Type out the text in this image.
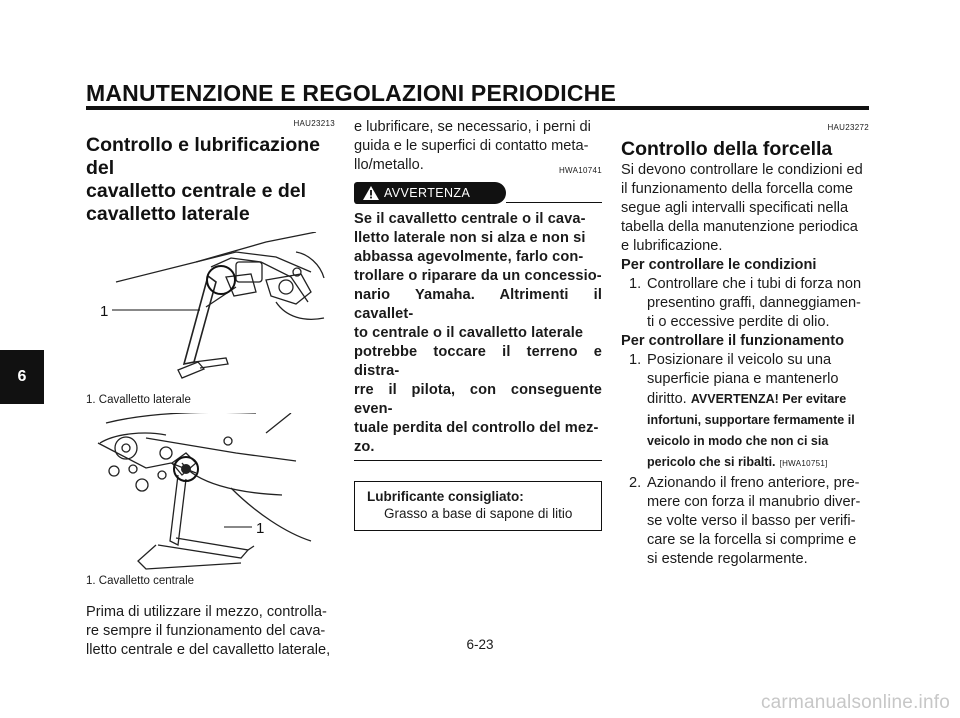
MANUTENZIONE E REGOLAZIONI PERIODICHE
6
HAU23213
Controllo e lubrificazione del
cavalletto centrale e del
cavalletto laterale
1
1. Cavalletto laterale
1
1. Cavalletto centrale
Prima di utilizzare il mezzo, controlla-
re sempre il funzionamento del cava-
lletto centrale e del cavalletto laterale,
e lubrificare, se necessario, i perni di
guida e le superfici di contatto meta-
llo/metallo.	HWA10741
AVVERTENZA
Se il cavalletto centrale o il cava-
lletto laterale non si alza e non si
abbassa agevolmente, farlo con-
trollare o riparare da un concessio-
nario Yamaha. Altrimenti il cavallet-
to centrale o il cavalletto laterale
potrebbe toccare il terreno e distra-
rre il pilota, con conseguente even-
tuale perdita del controllo del mez-
zo.
Lubrificante consigliato:
Grasso a base di sapone di litio
HAU23272
Controllo della forcella
Si devono controllare le condizioni ed
il funzionamento della forcella come
segue agli intervalli specificati nella
tabella della manutenzione periodica
e lubrificazione.
Per controllare le condizioni
1. Controllare che i tubi di forza non
presentino graffi, danneggiamen-
ti o eccessive perdite di olio.
Per controllare il funzionamento
1. Posizionare il veicolo su una
superficie piana e mantenerlo
diritto. AVVERTENZA! Per evitare
infortuni, supportare fermamente il
veicolo in modo che non ci sia
pericolo che si ribalti. [HWA10751]
2. Azionando il freno anteriore, pre-
mere con forza il manubrio diver-
se volte verso il basso per verifi-
care se la forcella si comprime e
si estende regolarmente.
6-23
carmanualsonline.info
